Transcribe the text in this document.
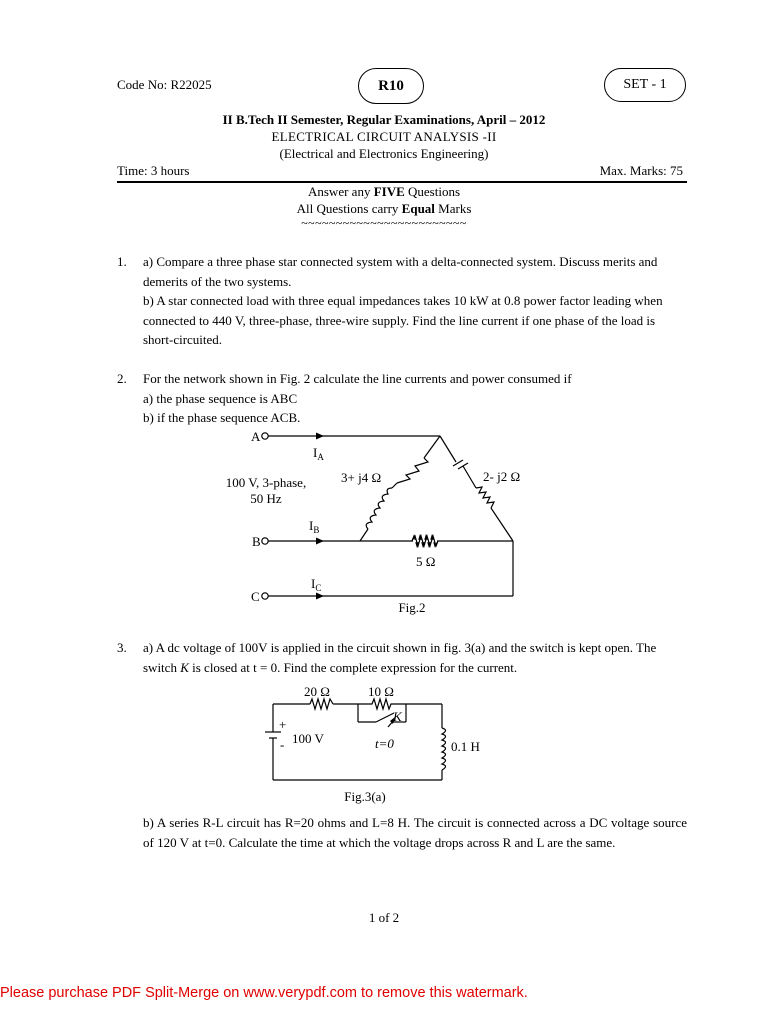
Code No: R22025	R10	SET - 1
II B.Tech II Semester, Regular Examinations, April – 2012
ELECTRICAL CIRCUIT ANALYSIS -II
(Electrical and Electronics Engineering)
Time: 3 hours	Max. Marks: 75
Answer any FIVE Questions
All Questions carry Equal Marks
~~~~~~~~~~~~~~~~~~~~~~~~
1. a) Compare a three phase star connected system with a delta-connected system. Discuss merits and demerits of the two systems.
b) A star connected load with three equal impedances takes 10 kW at 0.8 power factor leading when connected to 440 V, three-phase, three-wire supply. Find the line current if one phase of the load is short-circuited.
2. For the network shown in Fig. 2 calculate the line currents and power consumed if
a) the phase sequence is ABC
b) if the phase sequence ACB.
A
B
C
$I_A$
$I_B$
$I_C$
100 V, 3-phase,
50 Hz
3+ j4 Ω	2- j2 Ω
5 Ω
Fig.2
3. a) A dc voltage of 100V is applied in the circuit shown in fig. 3(a) and the switch is kept open. The switch K is closed at t = 0. Find the complete expression for the current.
20 Ω	10 Ω
K
t=0
100 V
0.1 H
+
-
Fig.3(a)
b) A series R-L circuit has R=20 ohms and L=8 H. The circuit is connected across a DC voltage source of 120 V at t=0. Calculate the time at which the voltage drops across R and L are the same.
1 of 2
Please purchase PDF Split-Merge on www.verypdf.com to remove this watermark.
